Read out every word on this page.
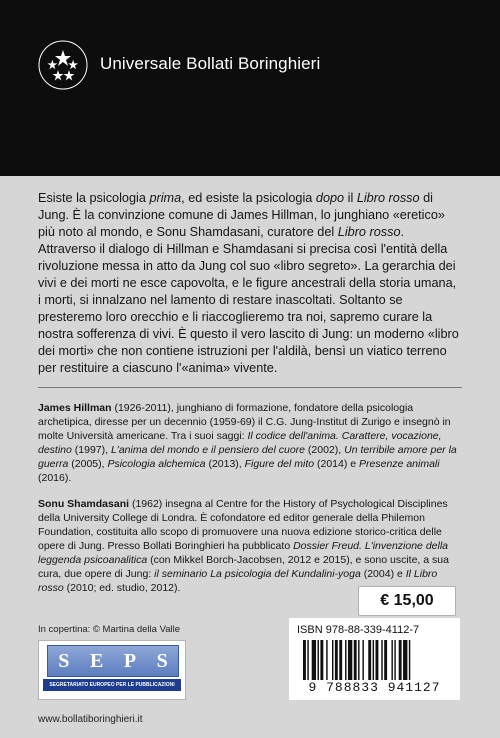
Universale Bollati Boringhieri

Esiste la psicologia prima, ed esiste la psicologia dopo il Libro rosso di Jung. È la convinzione comune di James Hillman, lo junghiano «eretico» più noto al mondo, e Sonu Shamdasani, curatore del Libro rosso. Attraverso il dialogo di Hillman e Shamdasani si precisa così l'entità della rivoluzione messa in atto da Jung col suo «libro segreto». La gerarchia dei vivi e dei morti ne esce capovolta, e le figure ancestrali della storia umana, i morti, si innalzano nel lamento di restare inascoltati. Soltanto se presteremo loro orecchio e li riaccoglieremo tra noi, sapremo curare la nostra sofferenza di vivi. È questo il vero lascito di Jung: un moderno «libro dei morti» che non contiene istruzioni per l'aldilà, bensì un viatico terreno per restituire a ciascuno l'«anima» vivente.

James Hillman (1926-2011), junghiano di formazione, fondatore della psicologia archetipica, diresse per un decennio (1959-69) il C.G. Jung-Institut di Zurigo e insegnò in molte Università americane. Tra i suoi saggi: Il codice dell'anima. Carattere, vocazione, destino (1997), L'anima del mondo e il pensiero del cuore (2002), Un terribile amore per la guerra (2005), Psicologia alchemica (2013), Figure del mito (2014) e Presenze animali (2016).

Sonu Shamdasani (1962) insegna al Centre for the History of Psychological Disciplines della University College di Londra. È cofondatore ed editor generale della Philemon Foundation, costituita allo scopo di promuovere una nuova edizione storico-critica delle opere di Jung. Presso Bollati Boringhieri ha pubblicato Dossier Freud. L'invenzione della leggenda psicoanalitica (con Mikkel Borch-Jacobsen, 2012 e 2015), e sono uscite, a sua cura, due opere di Jung: il seminario La psicologia del Kundalini-yoga (2004) e Il Libro rosso (2010; ed. studio, 2012).

In copertina: © Martina della Valle
S E P S
SEGRETARIATO EUROPEO PER LE PUBBLICAZIONI SCIENTIFICHE
www.bollatiboringhieri.it
€ 15,00
ISBN 978-88-339-4112-7
9 788833 941127
